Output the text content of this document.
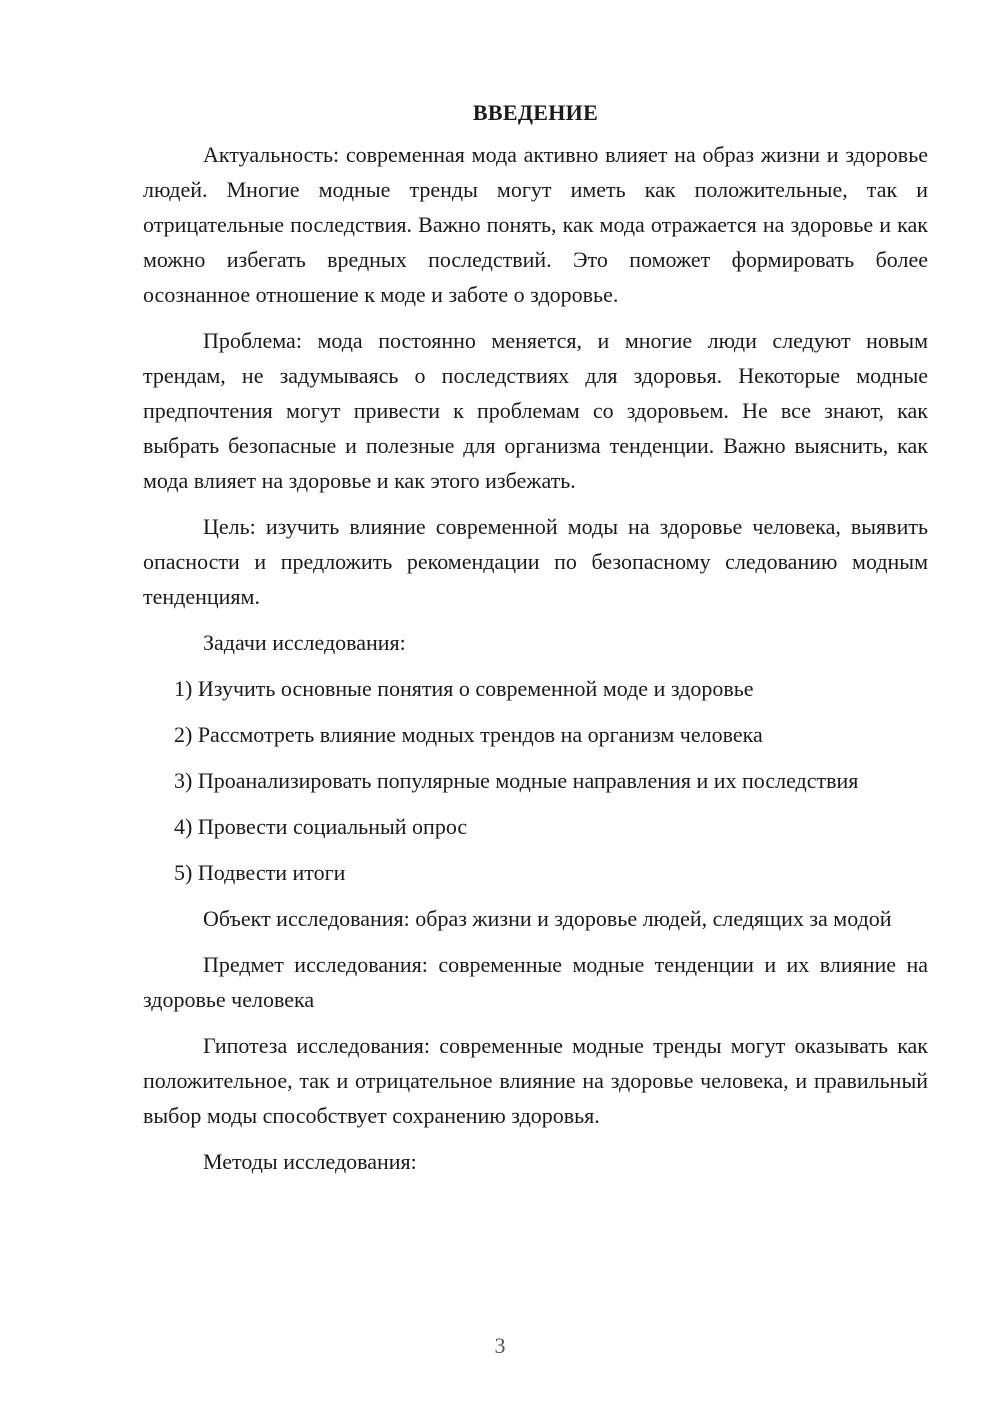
ВВЕДЕНИЕ

Актуальность: современная мода активно влияет на образ жизни и здоровье людей. Многие модные тренды могут иметь как положительные, так и отрицательные последствия. Важно понять, как мода отражается на здоровье и как можно избегать вредных последствий. Это поможет формировать более осознанное отношение к моде и заботе о здоровье.

Проблема: мода постоянно меняется, и многие люди следуют новым трендам, не задумываясь о последствиях для здоровья. Некоторые модные предпочтения могут привести к проблемам со здоровьем. Не все знают, как выбрать безопасные и полезные для организма тенденции. Важно выяснить, как мода влияет на здоровье и как этого избежать.

Цель: изучить влияние современной моды на здоровье человека, выявить опасности и предложить рекомендации по безопасному следованию модным тенденциям.

Задачи исследования:

1) Изучить основные понятия о современной моде и здоровье

2) Рассмотреть влияние модных трендов на организм человека

3) Проанализировать популярные модные направления и их последствия

4) Провести социальный опрос

5) Подвести итоги

Объект исследования: образ жизни и здоровье людей, следящих за модой

Предмет исследования: современные модные тенденции и их влияние на здоровье человека

Гипотеза исследования: современные модные тренды могут оказывать как положительное, так и отрицательное влияние на здоровье человека, и правильный выбор моды способствует сохранению здоровья.

Методы исследования:

3
